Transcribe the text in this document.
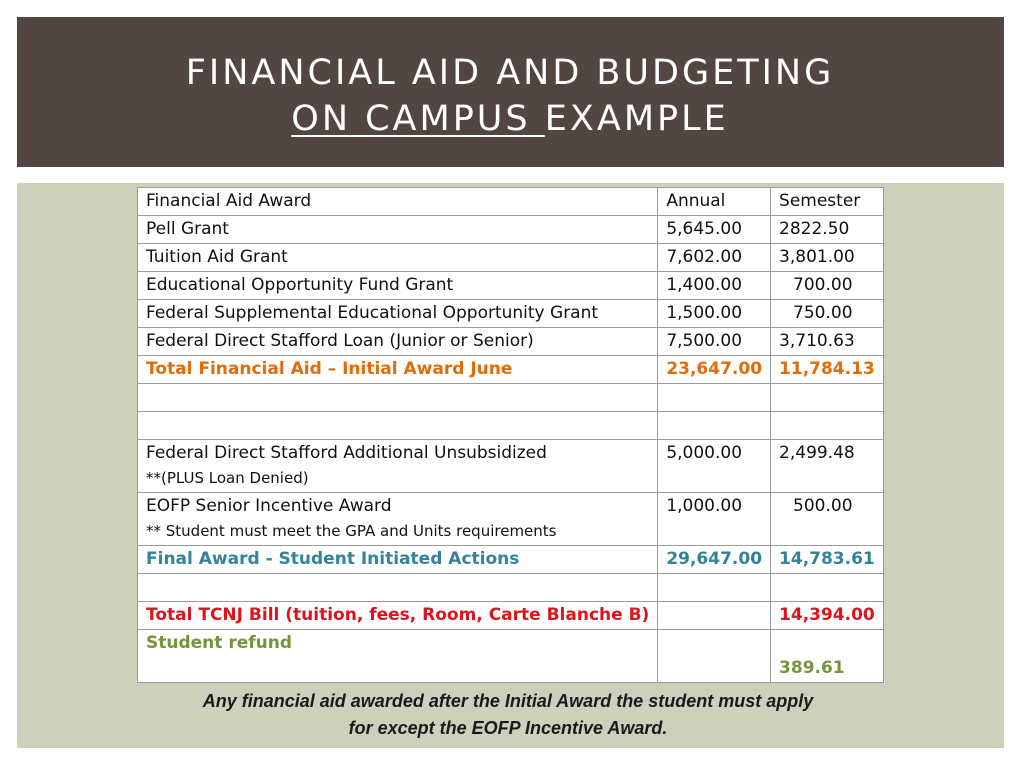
FINANCIAL AID AND BUDGETING
ON CAMPUS EXAMPLE
Financial Aid Award	Annual	Semester
Pell Grant	5,645.00	2822.50
Tuition Aid Grant	7,602.00	3,801.00
Educational Opportunity Fund Grant	1,400.00	700.00
Federal Supplemental Educational Opportunity Grant	1,500.00	750.00
Federal Direct Stafford Loan (Junior or Senior)	7,500.00	3,710.63
Total Financial Aid – Initial Award June	23,647.00	11,784.13

Federal Direct Stafford Additional Unsubsidized
**(PLUS Loan Denied)	5,000.00	2,499.48
EOFP Senior Incentive Award
** Student must meet the GPA and Units requirements	1,000.00	500.00
Final Award - Student Initiated Actions	29,647.00	14,783.61

Total TCNJ Bill (tuition, fees, Room, Carte Blanche B)		14,394.00
Student refund		389.61
Any financial aid awarded after the Initial Award the student must apply
for except the EOFP Incentive Award.
